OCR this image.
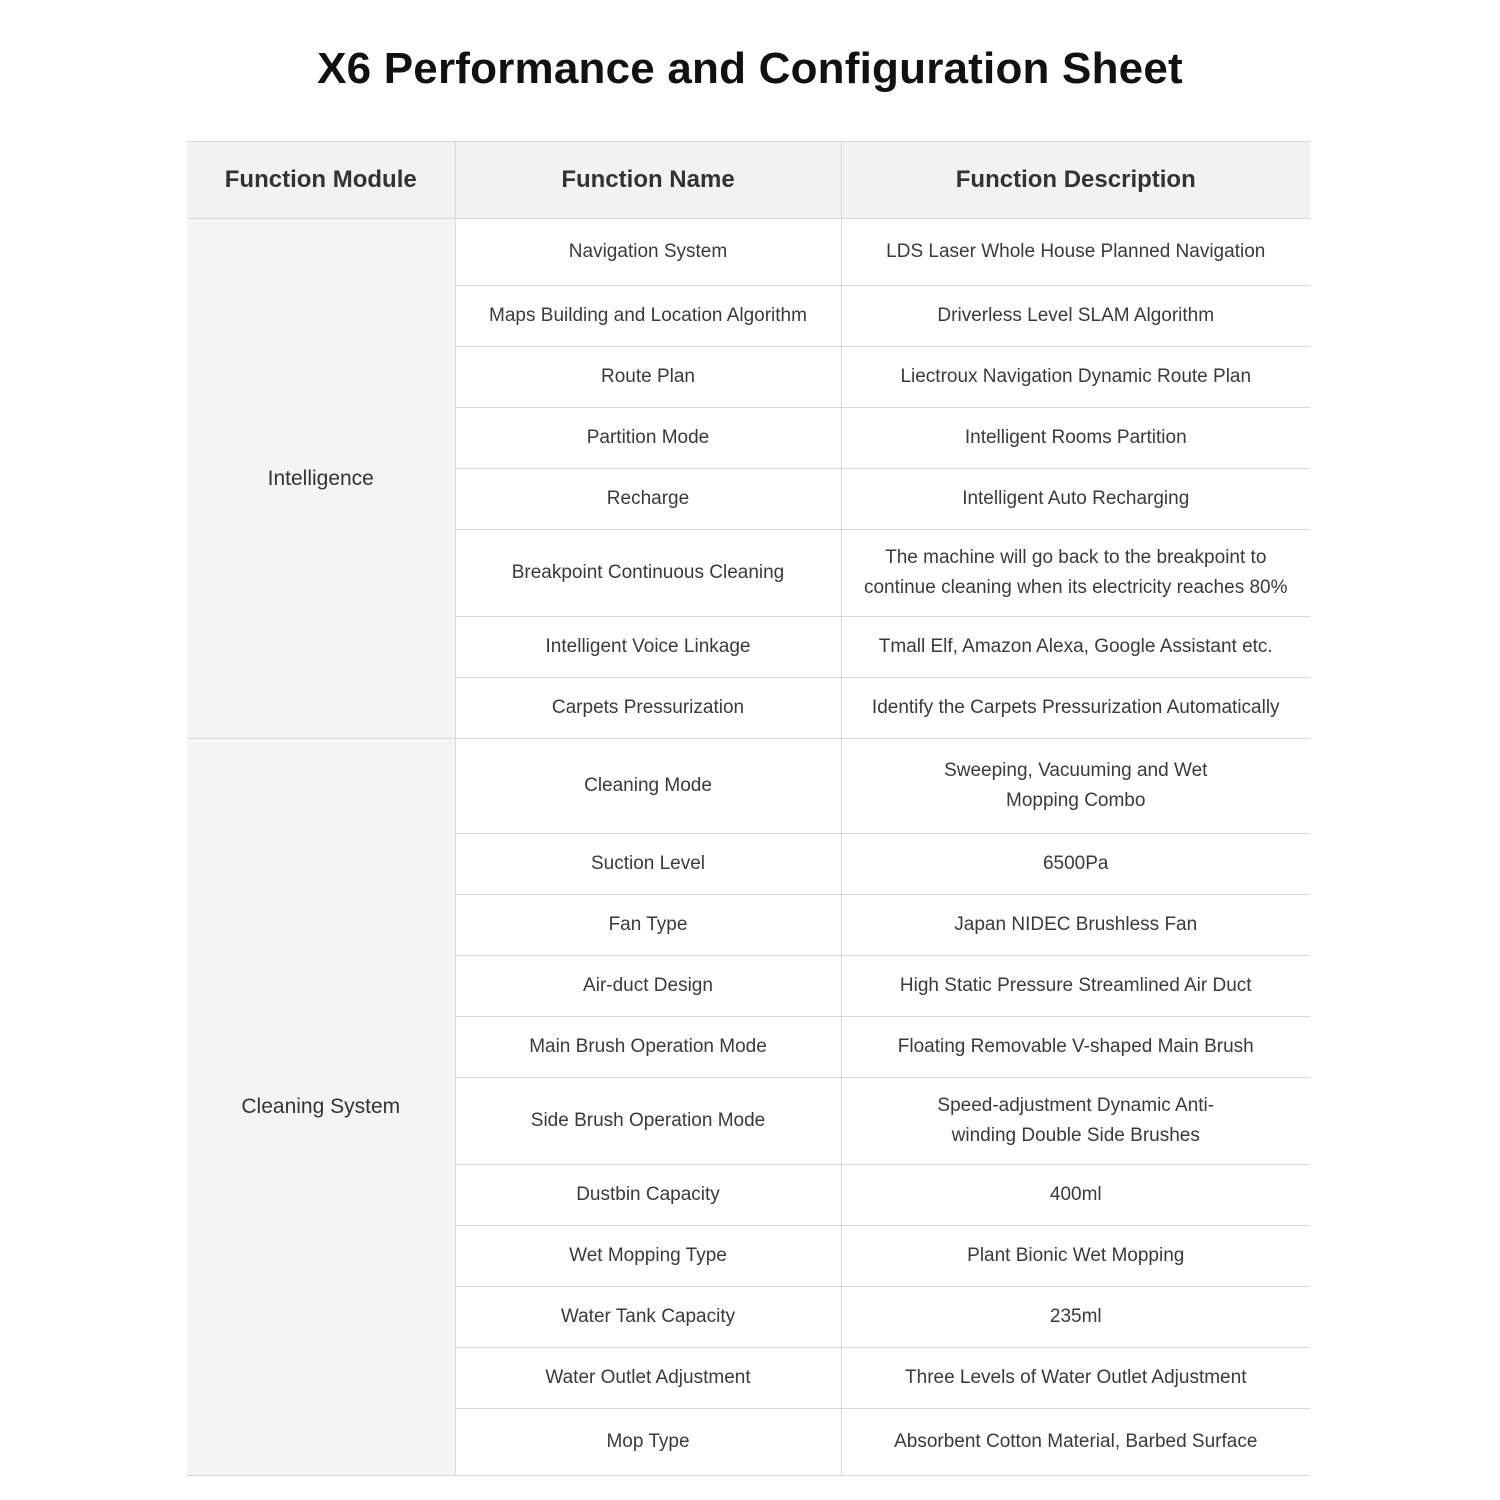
X6 Performance and Configuration Sheet
Function Module	Function Name	Function Description
Intelligence	Navigation System	LDS Laser Whole House Planned Navigation
	Maps Building and Location Algorithm	Driverless Level SLAM Algorithm
	Route Plan	Liectroux Navigation Dynamic Route Plan
	Partition Mode	Intelligent Rooms Partition
	Recharge	Intelligent Auto Recharging
	Breakpoint Continuous Cleaning	The machine will go back to the breakpoint to continue cleaning when its electricity reaches 80%
	Intelligent Voice Linkage	Tmall Elf, Amazon Alexa, Google Assistant etc.
	Carpets Pressurization	Identify the Carpets Pressurization Automatically
Cleaning System	Cleaning Mode	Sweeping, Vacuuming and Wet Mopping Combo
	Suction Level	6500Pa
	Fan Type	Japan NIDEC Brushless Fan
	Air-duct Design	High Static Pressure Streamlined Air Duct
	Main Brush Operation Mode	Floating Removable V-shaped Main Brush
	Side Brush Operation Mode	Speed-adjustment Dynamic Anti-winding Double Side Brushes
	Dustbin Capacity	400ml
	Wet Mopping Type	Plant Bionic Wet Mopping
	Water Tank Capacity	235ml
	Water Outlet Adjustment	Three Levels of Water Outlet Adjustment
	Mop Type	Absorbent Cotton Material, Barbed Surface
